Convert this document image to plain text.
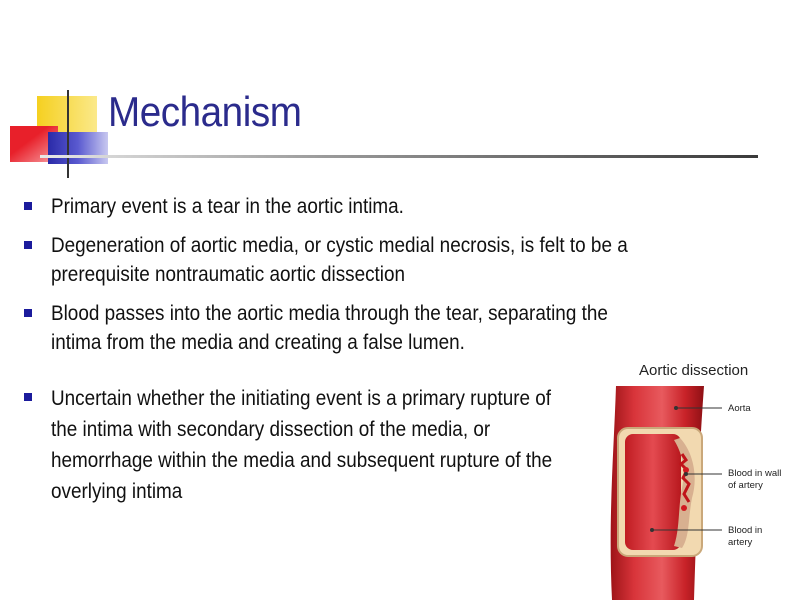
Mechanism
Primary event is a tear in the aortic intima.
Degeneration of aortic media, or cystic medial necrosis, is felt to be a
prerequisite nontraumatic aortic dissection
Blood passes into the aortic media through the tear, separating the
intima from the media and creating a false lumen.
Uncertain whether the initiating event is a primary rupture of
the intima with secondary dissection of the media, or
hemorrhage within the media and subsequent rupture of the
overlying intima
Aortic dissection
Aorta
Blood in wall
of artery
Blood in
artery
